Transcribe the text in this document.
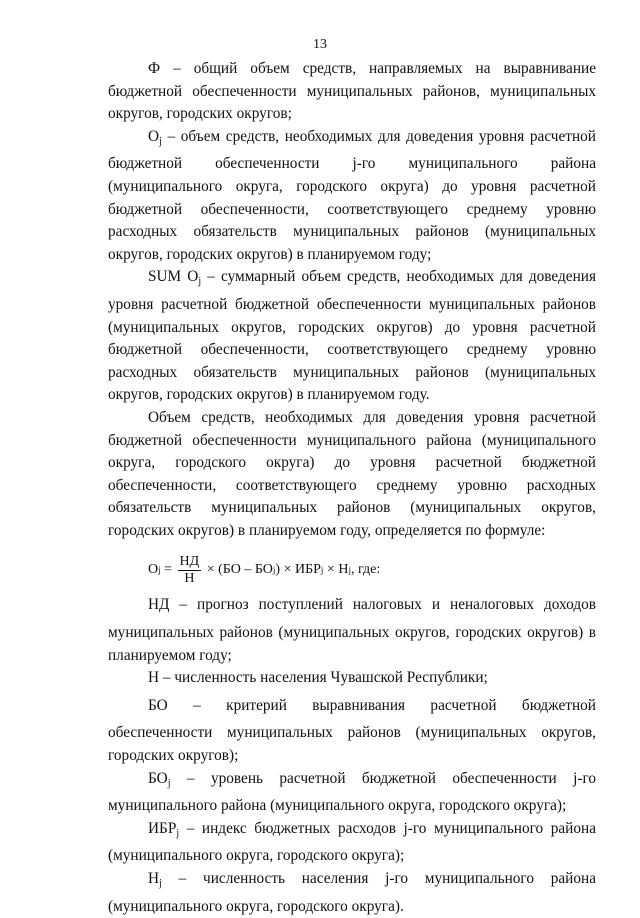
13

Ф – общий объем средств, направляемых на выравнивание бюджетной обеспеченности муниципальных районов, муниципальных округов, городских округов;

$O_j$ – объем средств, необходимых для доведения уровня расчетной бюджетной обеспеченности j-го муниципального района (муниципального округа, городского округа) до уровня расчетной бюджетной обеспеченности, соответствующего среднему уровню расходных обязательств муниципальных районов (муниципальных округов, городских округов) в планируемом году;

SUM $O_j$ – суммарный объем средств, необходимых для доведения уровня расчетной бюджетной обеспеченности муниципальных районов (муниципальных округов, городских округов) до уровня расчетной бюджетной обеспеченности, соответствующего среднему уровню расходных обязательств муниципальных районов (муниципальных округов, городских округов) в планируемом году.

Объем средств, необходимых для доведения уровня расчетной бюджетной обеспеченности муниципального района (муниципального округа, городского округа) до уровня расчетной бюджетной обеспеченности, соответствующего среднему уровню расходных обязательств муниципальных районов (муниципальных округов, городских округов) в планируемом году, определяется по формуле:

O $j = \frac{НД}{Н} \times (БО$ – БО j ) × ИБР j × Н j , где:

НД – прогноз поступлений налоговых и неналоговых доходов муниципальных районов (муниципальных округов, городских округов) в планируемом году;

Н – численность населения Чувашской Республики;

БО – критерий выравнивания расчетной бюджетной обеспеченности муниципальных районов (муниципальных округов, городских округов);

$БО_j$ – уровень расчетной бюджетной обеспеченности j-го муниципального района (муниципального округа, городского округа);

$ИБР_j$ – индекс бюджетных расходов j-го муниципального района (муниципального округа, городского округа);

$Н_j$ – численность населения j-го муниципального района (муниципального округа, городского округа).
